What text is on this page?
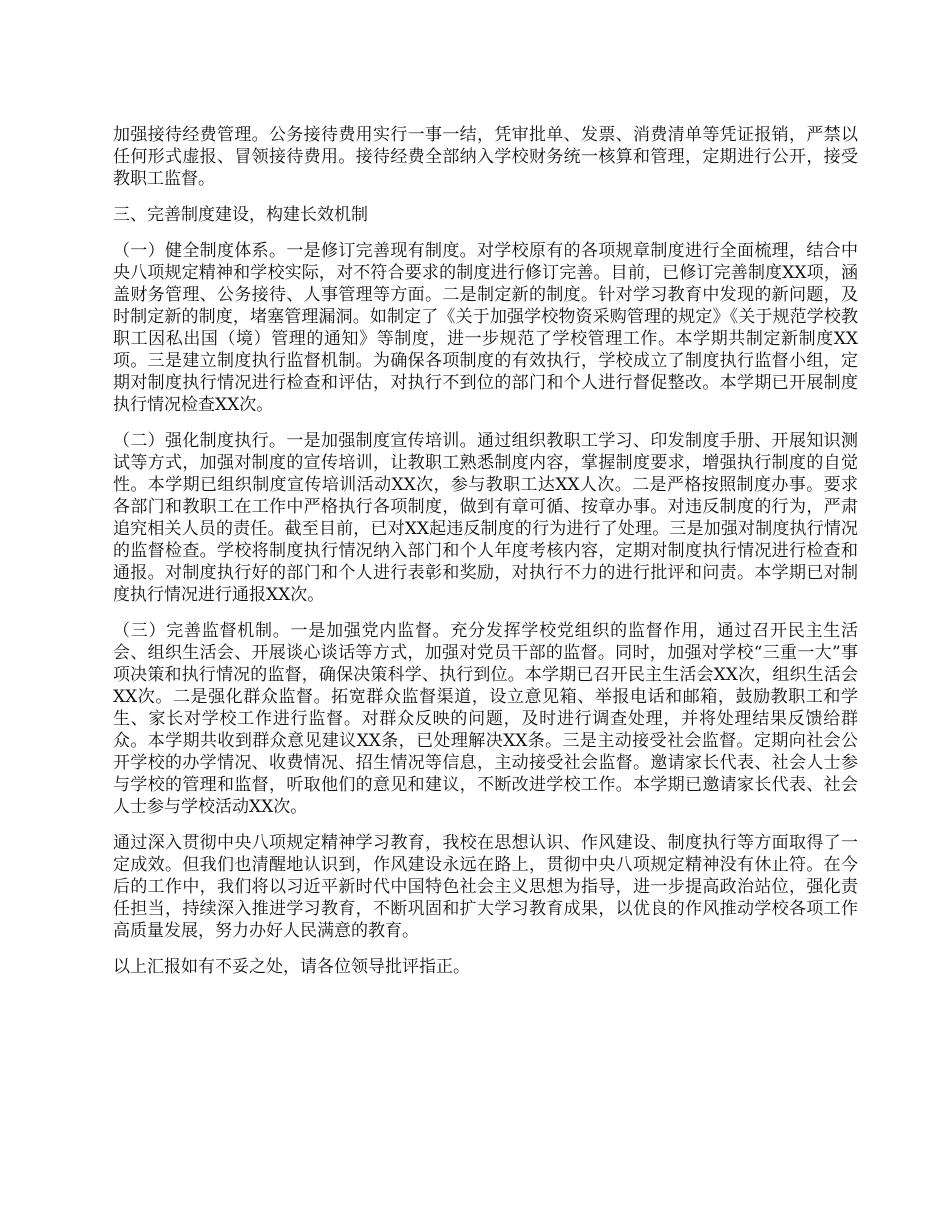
加强接待经费管理。公务接待费用实行一事一结，凭审批单、发票、消费清单等凭证报销，严禁以任何形式虚报、冒领接待费用。接待经费全部纳入学校财务统一核算和管理，定期进行公开，接受教职工监督。

三、完善制度建设，构建长效机制

（一）健全制度体系。一是修订完善现有制度。对学校原有的各项规章制度进行全面梳理，结合中央八项规定精神和学校实际，对不符合要求的制度进行修订完善。目前，已修订完善制度XX项，涵盖财务管理、公务接待、人事管理等方面。二是制定新的制度。针对学习教育中发现的新问题，及时制定新的制度，堵塞管理漏洞。如制定了《关于加强学校物资采购管理的规定》《关于规范学校教职工因私出国（境）管理的通知》等制度，进一步规范了学校管理工作。本学期共制定新制度XX项。三是建立制度执行监督机制。为确保各项制度的有效执行，学校成立了制度执行监督小组，定期对制度执行情况进行检查和评估，对执行不到位的部门和个人进行督促整改。本学期已开展制度执行情况检查XX次。

（二）强化制度执行。一是加强制度宣传培训。通过组织教职工学习、印发制度手册、开展知识测试等方式，加强对制度的宣传培训，让教职工熟悉制度内容，掌握制度要求，增强执行制度的自觉性。本学期已组织制度宣传培训活动XX次，参与教职工达XX人次。二是严格按照制度办事。要求各部门和教职工在工作中严格执行各项制度，做到有章可循、按章办事。对违反制度的行为，严肃追究相关人员的责任。截至目前，已对XX起违反制度的行为进行了处理。三是加强对制度执行情况的监督检查。学校将制度执行情况纳入部门和个人年度考核内容，定期对制度执行情况进行检查和通报。对制度执行好的部门和个人进行表彰和奖励，对执行不力的进行批评和问责。本学期已对制度执行情况进行通报XX次。

（三）完善监督机制。一是加强党内监督。充分发挥学校党组织的监督作用，通过召开民主生活会、组织生活会、开展谈心谈话等方式，加强对党员干部的监督。同时，加强对学校“三重一大”事项决策和执行情况的监督，确保决策科学、执行到位。本学期已召开民主生活会XX次，组织生活会XX次。二是强化群众监督。拓宽群众监督渠道，设立意见箱、举报电话和邮箱，鼓励教职工和学生、家长对学校工作进行监督。对群众反映的问题，及时进行调查处理，并将处理结果反馈给群众。本学期共收到群众意见建议XX条，已处理解决XX条。三是主动接受社会监督。定期向社会公开学校的办学情况、收费情况、招生情况等信息，主动接受社会监督。邀请家长代表、社会人士参与学校的管理和监督，听取他们的意见和建议，不断改进学校工作。本学期已邀请家长代表、社会人士参与学校活动XX次。

通过深入贯彻中央八项规定精神学习教育，我校在思想认识、作风建设、制度执行等方面取得了一定成效。但我们也清醒地认识到，作风建设永远在路上，贯彻中央八项规定精神没有休止符。在今后的工作中，我们将以习近平新时代中国特色社会主义思想为指导，进一步提高政治站位，强化责任担当，持续深入推进学习教育，不断巩固和扩大学习教育成果，以优良的作风推动学校各项工作高质量发展，努力办好人民满意的教育。

以上汇报如有不妥之处，请各位领导批评指正。
